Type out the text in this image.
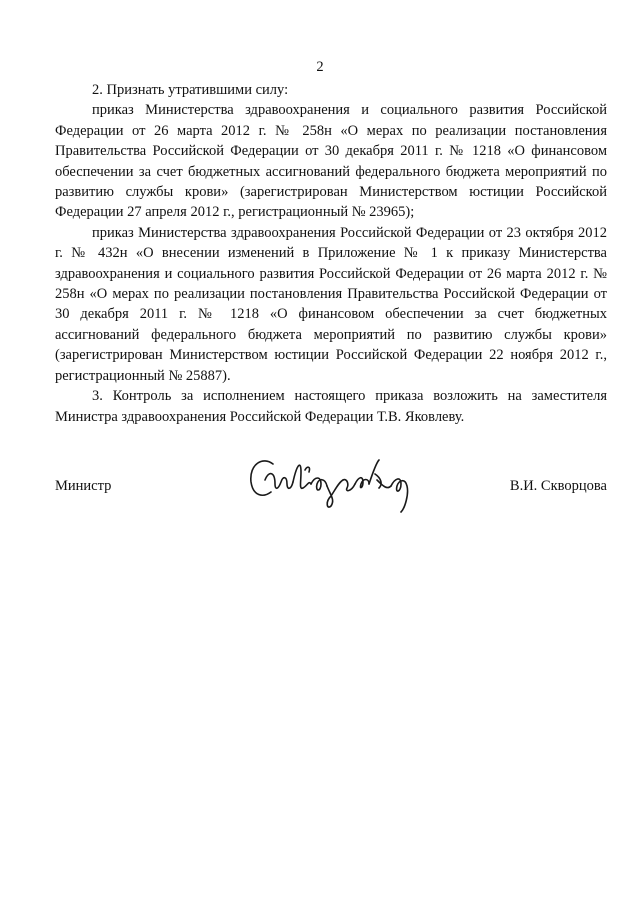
2

2. Признать утратившими силу:

приказ Министерства здравоохранения и социального развития Российской Федерации от 26 марта 2012 г. № 258н «О мерах по реализации постановления Правительства Российской Федерации от 30 декабря 2011 г. № 1218 «О финансовом обеспечении за счет бюджетных ассигнований федерального бюджета мероприятий по развитию службы крови» (зарегистрирован Министерством юстиции Российской Федерации 27 апреля 2012 г., регистрационный № 23965);

приказ Министерства здравоохранения Российской Федерации от 23 октября 2012 г. № 432н «О внесении изменений в Приложение № 1 к приказу Министерства здравоохранения и социального развития Российской Федерации от 26 марта 2012 г. № 258н «О мерах по реализации постановления Правительства Российской Федерации от 30 декабря 2011 г. № 1218 «О финансовом обеспечении за счет бюджетных ассигнований федерального бюджета мероприятий по развитию службы крови» (зарегистрирован Министерством юстиции Российской Федерации 22 ноября 2012 г., регистрационный № 25887).

3. Контроль за исполнением настоящего приказа возложить на заместителя Министра здравоохранения Российской Федерации Т.В. Яковлеву.

Министр	В.И. Скворцова
